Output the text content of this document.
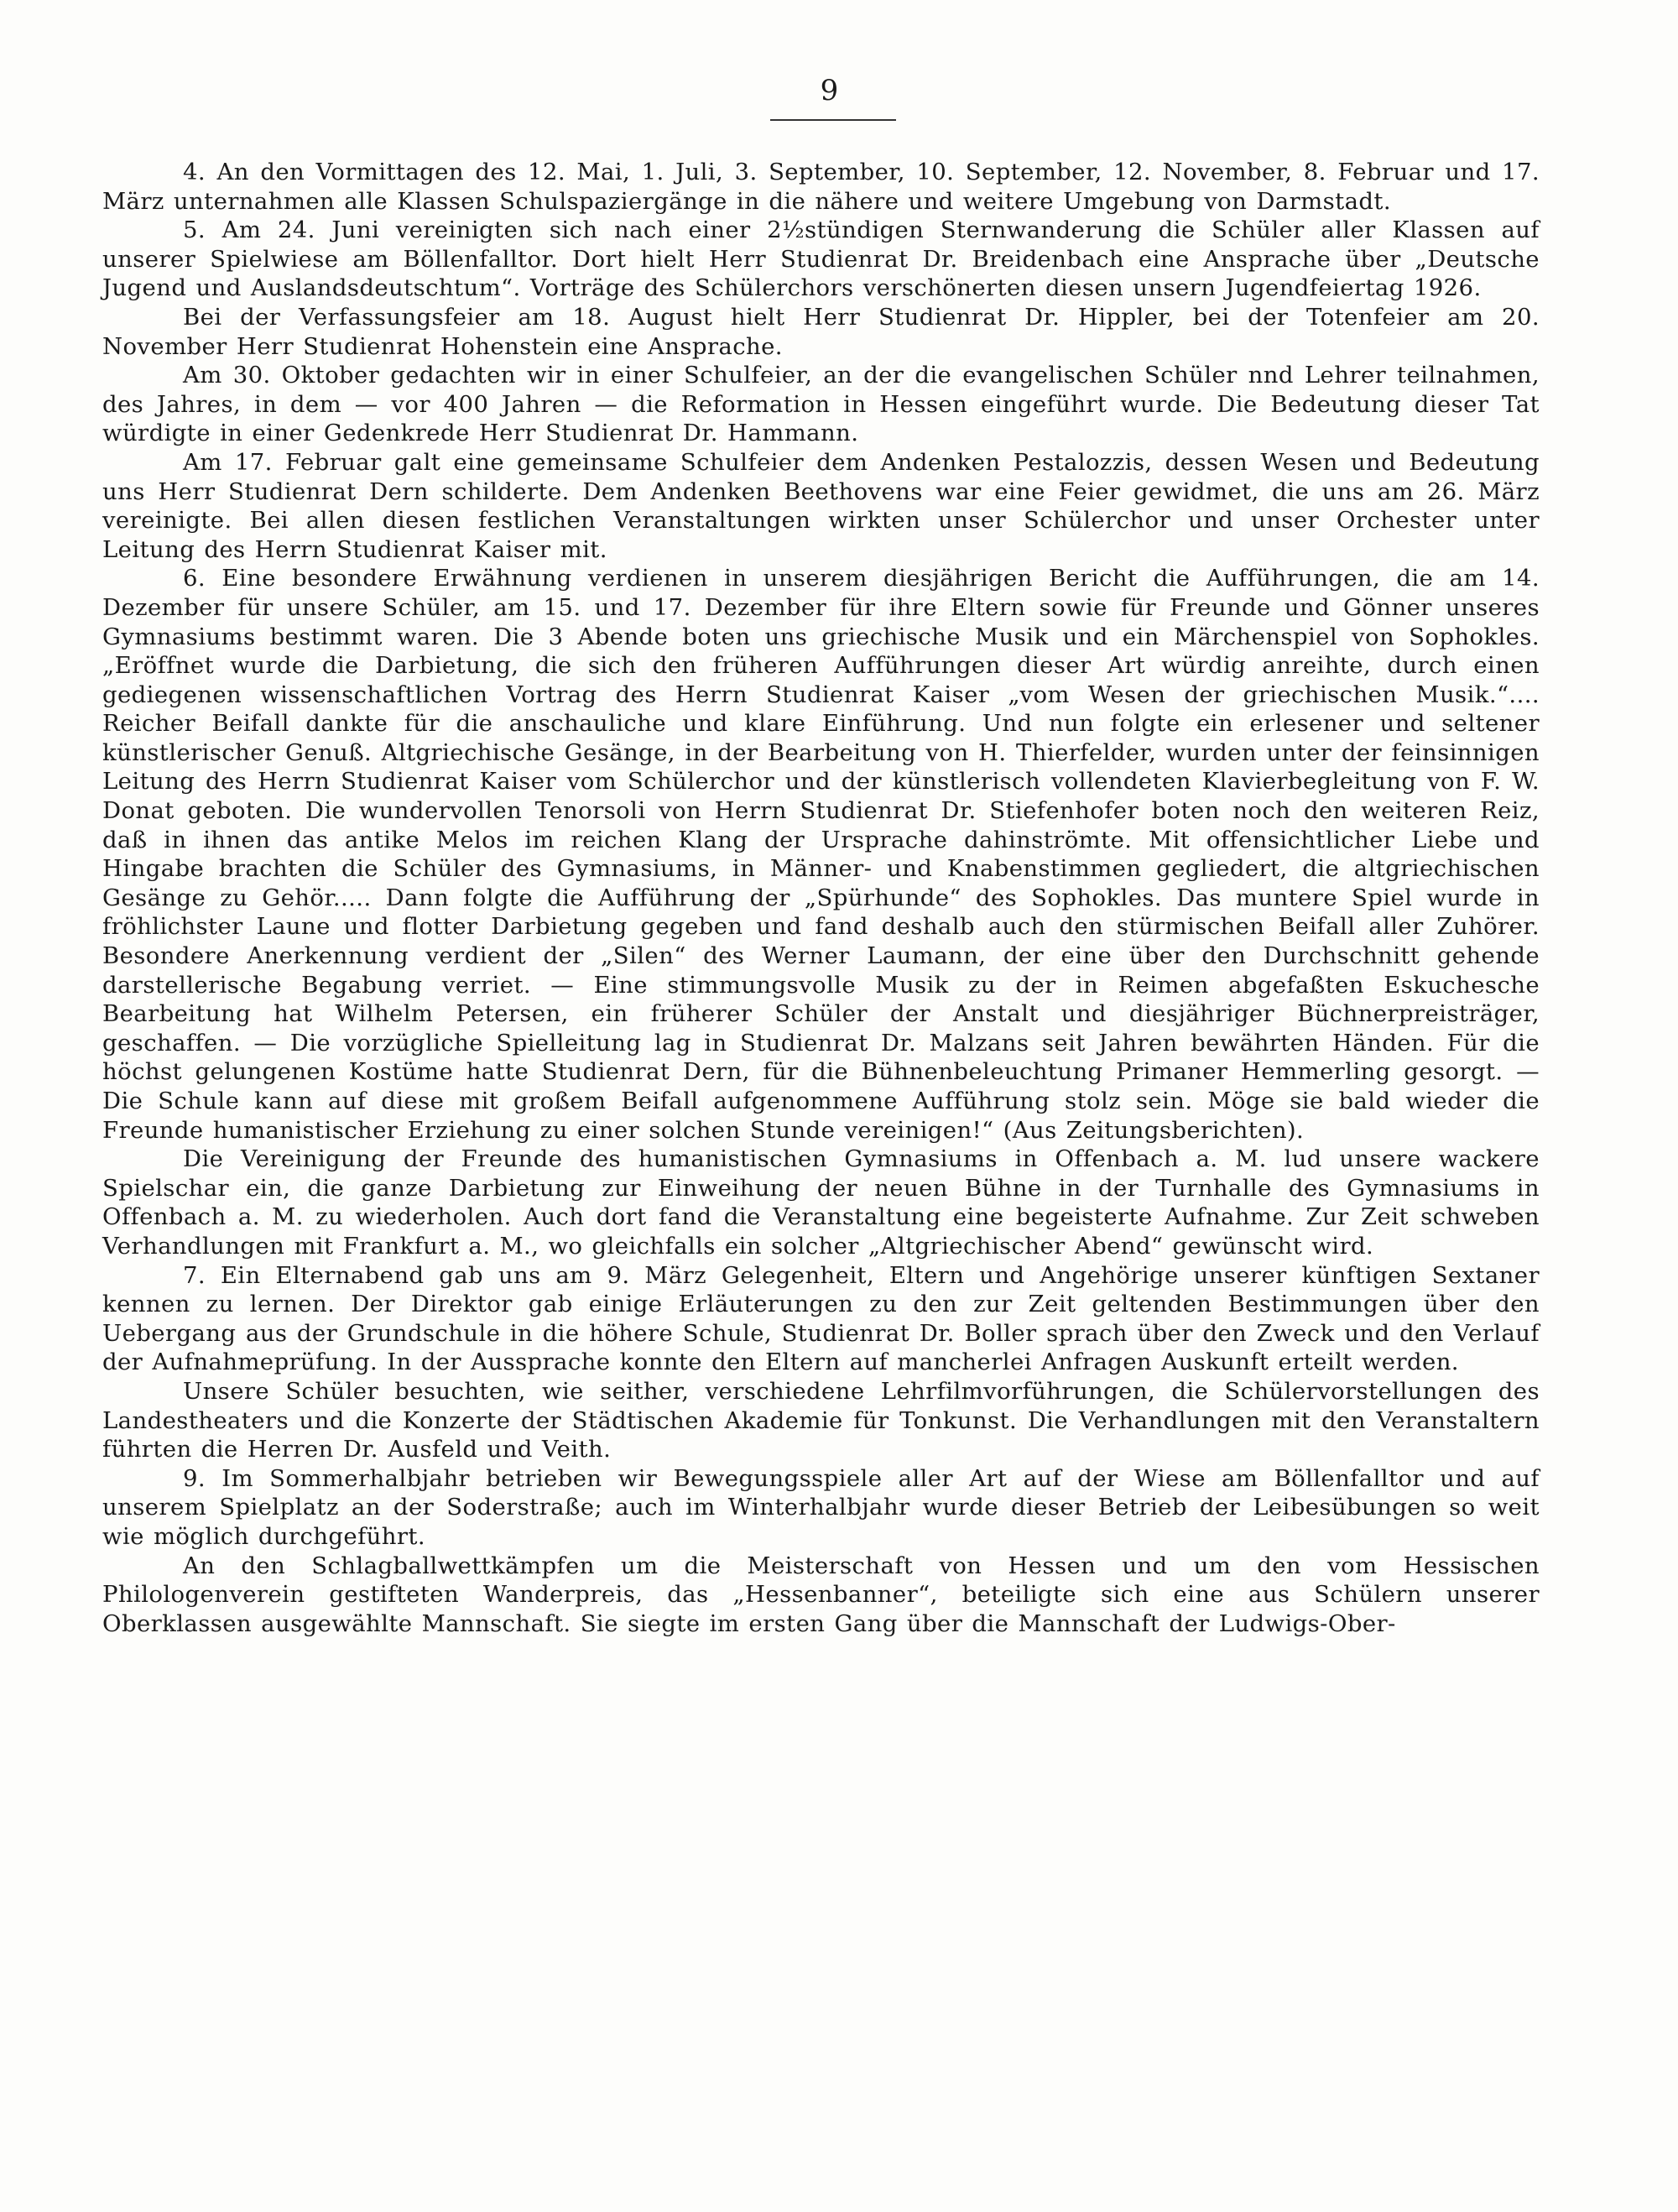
9

4. An den Vormittagen des 12. Mai, 1. Juli, 3. September, 10. September, 12. November, 8. Februar und 17. März unternahmen alle Klassen Schulspaziergänge in die nähere und weitere Umgebung von Darmstadt.

5. Am 24. Juni vereinigten sich nach einer 2½stündigen Sternwanderung die Schüler aller Klassen auf unserer Spielwiese am Böllenfalltor. Dort hielt Herr Studienrat Dr. Breidenbach eine Ansprache über „Deutsche Jugend und Auslandsdeutschtum“. Vorträge des Schülerchors verschönerten diesen unsern Jugendfeiertag 1926.

Bei der Verfassungsfeier am 18. August hielt Herr Studienrat Dr. Hippler, bei der Totenfeier am 20. November Herr Studienrat Hohenstein eine Ansprache.

Am 30. Oktober gedachten wir in einer Schulfeier, an der die evangelischen Schüler nnd Lehrer teilnahmen, des Jahres, in dem — vor 400 Jahren — die Reformation in Hessen eingeführt wurde. Die Bedeutung dieser Tat würdigte in einer Gedenkrede Herr Studienrat Dr. Hammann.

Am 17. Februar galt eine gemeinsame Schulfeier dem Andenken Pestalozzis, dessen Wesen und Bedeutung uns Herr Studienrat Dern schilderte. Dem Andenken Beethovens war eine Feier gewidmet, die uns am 26. März vereinigte. Bei allen diesen festlichen Veranstaltungen wirkten unser Schülerchor und unser Orchester unter Leitung des Herrn Studienrat Kaiser mit.

6. Eine besondere Erwähnung verdienen in unserem diesjährigen Bericht die Aufführungen, die am 14. Dezember für unsere Schüler, am 15. und 17. Dezember für ihre Eltern sowie für Freunde und Gönner unseres Gymnasiums bestimmt waren. Die 3 Abende boten uns griechische Musik und ein Märchenspiel von Sophokles. „Eröffnet wurde die Darbietung, die sich den früheren Aufführungen dieser Art würdig anreihte, durch einen gediegenen wissenschaftlichen Vortrag des Herrn Studienrat Kaiser „vom Wesen der griechischen Musik.“.... Reicher Beifall dankte für die anschauliche und klare Einführung. Und nun folgte ein erlesener und seltener künstlerischer Genuß. Altgriechische Gesänge, in der Bearbeitung von H. Thierfelder, wurden unter der feinsinnigen Leitung des Herrn Studienrat Kaiser vom Schülerchor und der künstlerisch vollendeten Klavierbegleitung von F. W. Donat geboten. Die wundervollen Tenorsoli von Herrn Studienrat Dr. Stiefenhofer boten noch den weiteren Reiz, daß in ihnen das antike Melos im reichen Klang der Ursprache dahinströmte. Mit offensichtlicher Liebe und Hingabe brachten die Schüler des Gymnasiums, in Männer- und Knabenstimmen gegliedert, die altgriechischen Gesänge zu Gehör..... Dann folgte die Aufführung der „Spürhunde“ des Sophokles. Das muntere Spiel wurde in fröhlichster Laune und flotter Darbietung gegeben und fand deshalb auch den stürmischen Beifall aller Zuhörer. Besondere Anerkennung verdient der „Silen“ des Werner Laumann, der eine über den Durchschnitt gehende darstellerische Begabung verriet. — Eine stimmungsvolle Musik zu der in Reimen abgefaßten Eskuchesche Bearbeitung hat Wilhelm Petersen, ein früherer Schüler der Anstalt und diesjähriger Büchnerpreisträger, geschaffen. — Die vorzügliche Spielleitung lag in Studienrat Dr. Malzans seit Jahren bewährten Händen. Für die höchst gelungenen Kostüme hatte Studienrat Dern, für die Bühnenbeleuchtung Primaner Hemmerling gesorgt. — Die Schule kann auf diese mit großem Beifall aufgenommene Aufführung stolz sein. Möge sie bald wieder die Freunde humanistischer Erziehung zu einer solchen Stunde vereinigen!“ (Aus Zeitungsberichten).

Die Vereinigung der Freunde des humanistischen Gymnasiums in Offenbach a. M. lud unsere wackere Spielschar ein, die ganze Darbietung zur Einweihung der neuen Bühne in der Turnhalle des Gymnasiums in Offenbach a. M. zu wiederholen. Auch dort fand die Veranstaltung eine begeisterte Aufnahme. Zur Zeit schweben Verhandlungen mit Frankfurt a. M., wo gleichfalls ein solcher „Altgriechischer Abend“ gewünscht wird.

7. Ein Elternabend gab uns am 9. März Gelegenheit, Eltern und Angehörige unserer künftigen Sextaner kennen zu lernen. Der Direktor gab einige Erläuterungen zu den zur Zeit geltenden Bestimmungen über den Uebergang aus der Grundschule in die höhere Schule, Studienrat Dr. Boller sprach über den Zweck und den Verlauf der Aufnahmeprüfung. In der Aussprache konnte den Eltern auf mancherlei Anfragen Auskunft erteilt werden.

Unsere Schüler besuchten, wie seither, verschiedene Lehrfilmvorführungen, die Schülervorstellungen des Landestheaters und die Konzerte der Städtischen Akademie für Tonkunst. Die Verhandlungen mit den Veranstaltern führten die Herren Dr. Ausfeld und Veith.

9. Im Sommerhalbjahr betrieben wir Bewegungsspiele aller Art auf der Wiese am Böllenfalltor und auf unserem Spielplatz an der Soderstraße; auch im Winterhalbjahr wurde dieser Betrieb der Leibesübungen so weit wie möglich durchgeführt.

An den Schlagballwettkämpfen um die Meisterschaft von Hessen und um den vom Hessischen Philologenverein gestifteten Wanderpreis, das „Hessenbanner“, beteiligte sich eine aus Schülern unserer Oberklassen ausgewählte Mannschaft. Sie siegte im ersten Gang über die Mannschaft der Ludwigs-Ober-
